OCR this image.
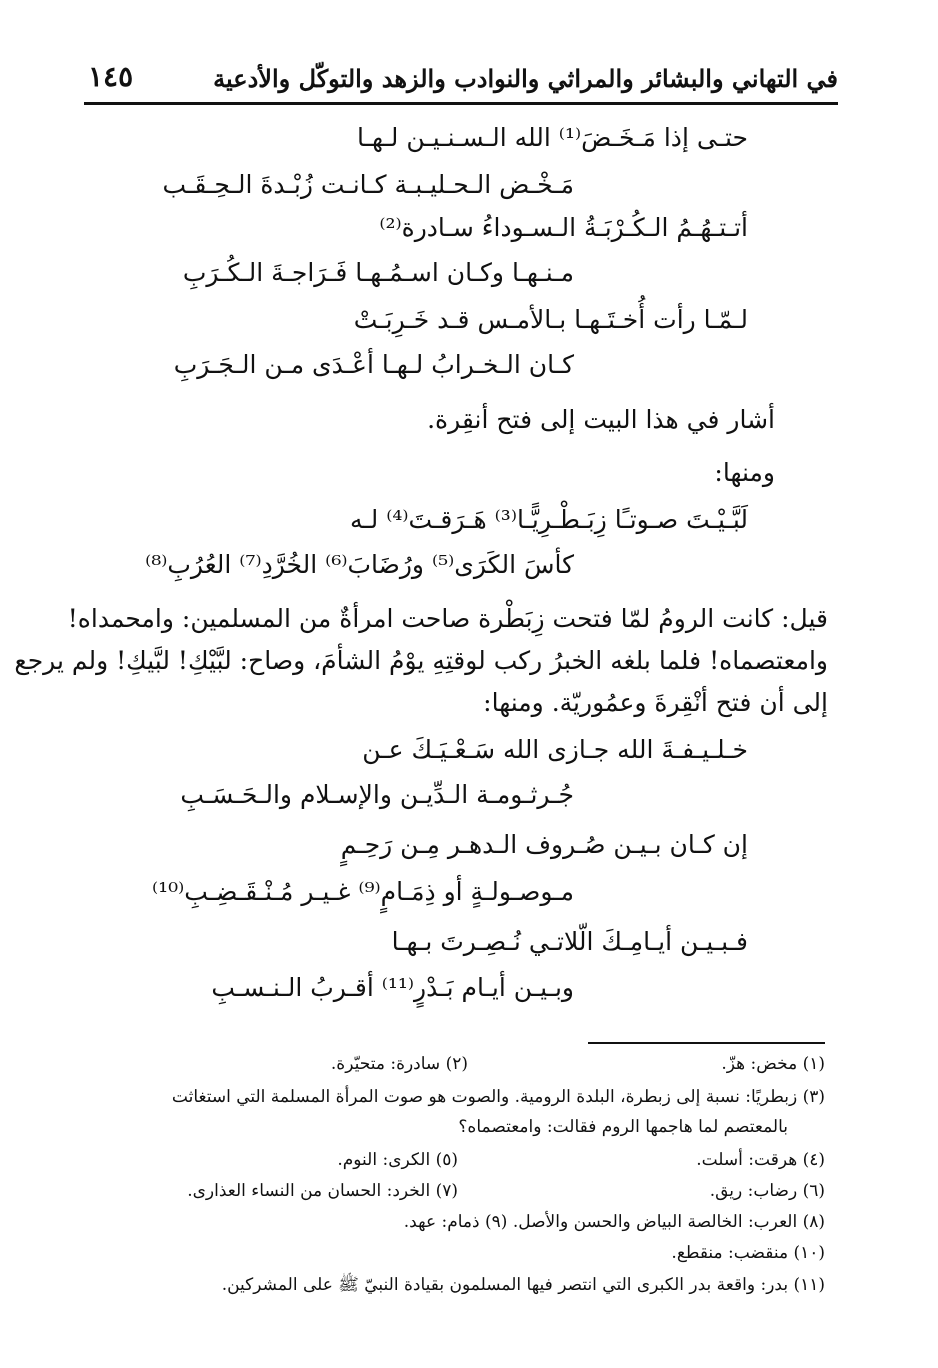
في التهاني والبشائر والمراثي والنوادب والزهد والتوكّل والأدعية
١٤٥
حتـى إذا مَـخَـضَ⁽¹⁾ الله الـسـنـيـن لـهـا
مَـخْـض الـحـليـبـة كـانـت زُبْـدةَ الـحِـقَـب
أتـتـهُـمُ الـكُـرْبَـةُ الـسـوداءُ سـادرة⁽²⁾
مـنـهـا وكـان اسـمُـهـا فَـرَاجـةَ الـكُـرَبِ
لـمّـا رأت أُخـتَـهـا بـالأمـس قـد خَـرِبَـتْ
كـان الـخـرابُ لـهـا أعْـدَى مـن الـجَـرَبِ
أشار في هذا البيت إلى فتح أنقِرة.
ومنها:
لَبَّـيْـتَ صـوتـًا زِبَـطْـرِيًّـا⁽³⁾ هَـرَقـتَ⁽⁴⁾ لـه
كأسَ الكَرَى⁽⁵⁾ ورُضَابَ⁽⁶⁾ الخُرَّدِ⁽⁷⁾ العُرُبِ⁽⁸⁾
قيل: كانت الرومُ لمّا فتحت زِبَطْرة صاحت امرأةٌ من المسلمين: وامحمداه!
وامعتصماه! فلما بلغه الخبرُ ركب لوقتِهِ يوْمُ الشأمَ، وصاح: لبَّيْكِ! لبَّيكِ! ولم يرجع
إلى أن فتح أنْقِرةَ وعمُوريّة. ومنها:
خـلـيـفـةَ الله جـازى الله سَـعْـيَـكَ عـن
جُـرثـومـة الـدِّيـن والإسـلام والـحَـسَـبِ
إن كـان بـيـن صُـروف الـدهـر مِـن رَحِـمٍ
مـوصـولـةٍ أو ذِمَـامٍ⁽⁹⁾ غـيـر مُـنْـقَـضِـبِ⁽¹⁰⁾
فـبـيـن أيـامِـكَ الّلاتـي نُـصِـرتَ بـهـا
وبـيـن أيـام بَـدْرٍ⁽¹¹⁾ أقـربُ الـنـسـبِ
(١) مخض: هزّ.
(٢) سادرة: متحيّرة.
(٣) زبطريًا: نسبة إلى زبطرة، البلدة الرومية. والصوت هو صوت المرأة المسلمة التي استغاثت
بالمعتصم لما هاجمها الروم فقالت: وامعتصماه؟
(٤) هرقت: أسلت.
(٥) الكرى: النوم.
(٦) رضاب: ريق.
(٧) الخرد: الحسان من النساء العذارى.
(٨) العرب: الخالصة البياض والحسن والأصل. (٩) ذمام: عهد.
(١٠) منقضب: منقطع.
(١١) بدر: واقعة بدر الكبرى التي انتصر فيها المسلمون بقيادة النبيّ ﷺ على المشركين.
